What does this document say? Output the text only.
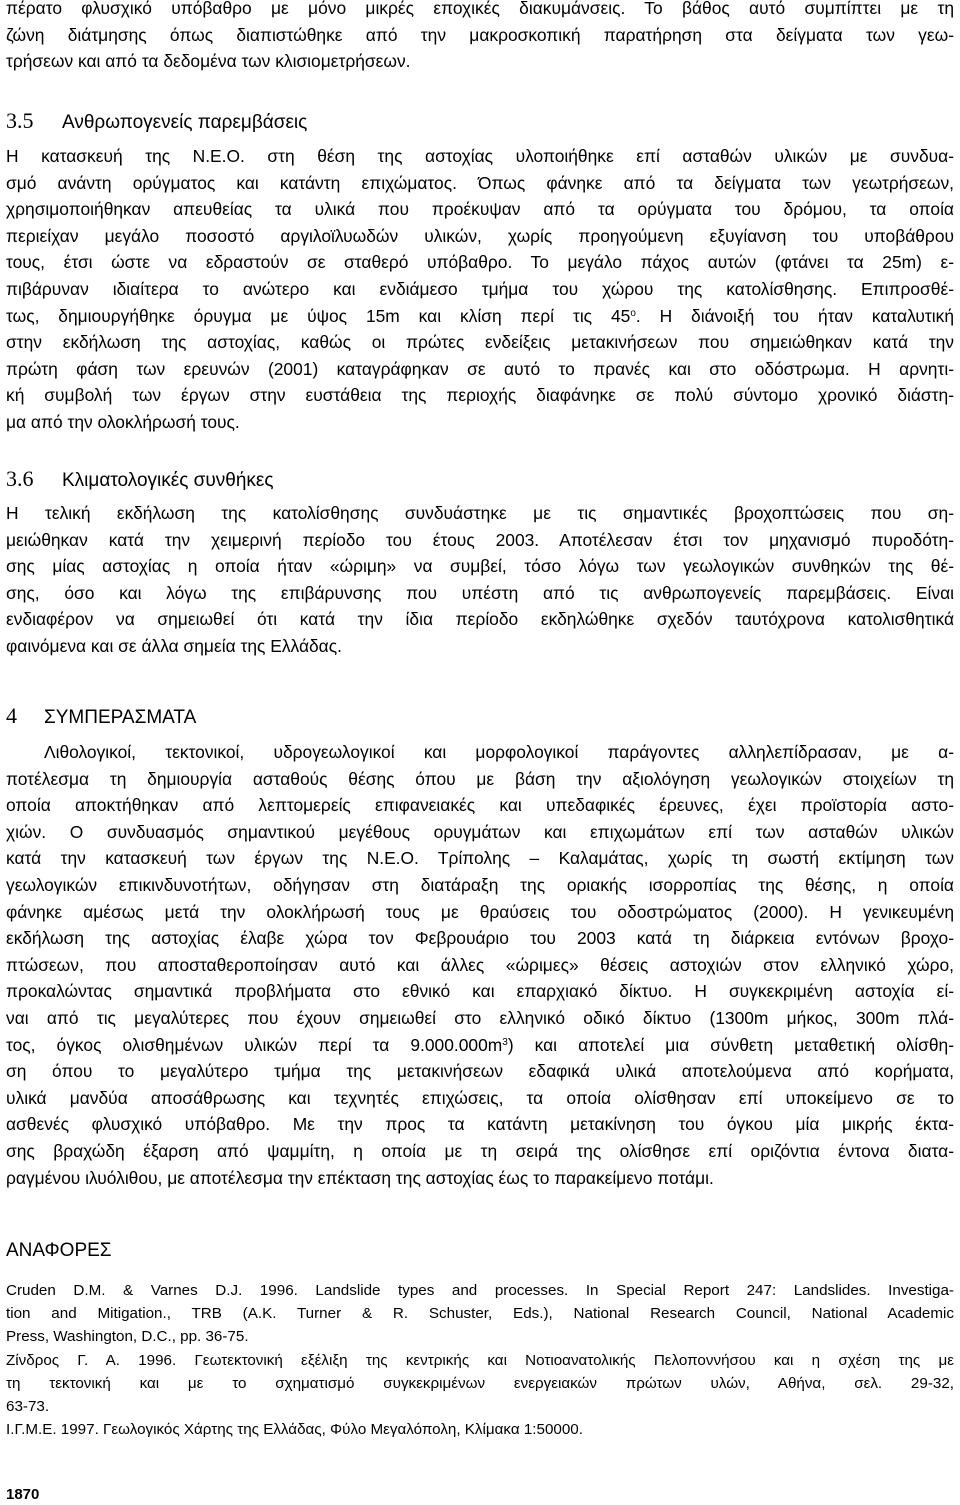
πέρατο φλυσχικό υπόβαθρο με μόνο μικρές εποχικές διακυμάνσεις. Το βάθος αυτό συμπίπτει με τη
ζώνη διάτμησης όπως διαπιστώθηκε από την μακροσκοπική παρατήρηση στα δείγματα των γεω-
τρήσεων και από τα δεδομένα των κλισιομετρήσεων.
3.5 Ανθρωπογενείς παρεμβάσεις
Η κατασκευή της Ν.Ε.Ο. στη θέση της αστοχίας υλοποιήθηκε επί ασταθών υλικών με συνδυα-
σμό ανάντη ορύγματος και κατάντη επιχώματος. Όπως φάνηκε από τα δείγματα των γεωτρήσεων,
χρησιμοποιήθηκαν απευθείας τα υλικά που προέκυψαν από τα ορύγματα του δρόμου, τα οποία
περιείχαν μεγάλο ποσοστό αργιλοϊλυωδών υλικών, χωρίς προηγούμενη εξυγίανση του υποβάθρου
τους, έτσι ώστε να εδραστούν σε σταθερό υπόβαθρο. Το μεγάλο πάχος αυτών (φτάνει τα 25m) ε-
πιβάρυναν ιδιαίτερα το ανώτερο και ενδιάμεσο τμήμα του χώρου της κατολίσθησης. Επιπροσθέ-
τως, δημιουργήθηκε όρυγμα με ύψος 15m και κλίση περί τις $45^o$. Η διάνοιξή του ήταν καταλυτική
στην εκδήλωση της αστοχίας, καθώς οι πρώτες ενδείξεις μετακινήσεων που σημειώθηκαν κατά την
πρώτη φάση των ερευνών (2001) καταγράφηκαν σε αυτό το πρανές και στο οδόστρωμα. Η αρνητι-
κή συμβολή των έργων στην ευστάθεια της περιοχής διαφάνηκε σε πολύ σύντομο χρονικό διάστη-
μα από την ολοκλήρωσή τους.
3.6 Κλιματολογικές συνθήκες
Η τελική εκδήλωση της κατολίσθησης συνδυάστηκε με τις σημαντικές βροχοπτώσεις που ση-
μειώθηκαν κατά την χειμερινή περίοδο του έτους 2003. Αποτέλεσαν έτσι τον μηχανισμό πυροδότη-
σης μίας αστοχίας η οποία ήταν «ώριμη» να συμβεί, τόσο λόγω των γεωλογικών συνθηκών της θέ-
σης, όσο και λόγω της επιβάρυνσης που υπέστη από τις ανθρωπογενείς παρεμβάσεις. Είναι
ενδιαφέρον να σημειωθεί ότι κατά την ίδια περίοδο εκδηλώθηκε σχεδόν ταυτόχρονα κατολισθητικά
φαινόμενα και σε άλλα σημεία της Ελλάδας.
4 ΣΥΜΠΕΡΑΣΜΑΤΑ
Λιθολογικοί, τεκτονικοί, υδρογεωλογικοί και μορφολογικοί παράγοντες αλληλεπίδρασαν, με α-
ποτέλεσμα τη δημιουργία ασταθούς θέσης όπου με βάση την αξιολόγηση γεωλογικών στοιχείων τη
οποία αποκτήθηκαν από λεπτομερείς επιφανειακές και υπεδαφικές έρευνες, έχει προϊστορία αστο-
χιών. Ο συνδυασμός σημαντικού μεγέθους ορυγμάτων και επιχωμάτων επί των ασταθών υλικών
κατά την κατασκευή των έργων της Ν.Ε.Ο. Τρίπολης – Καλαμάτας, χωρίς τη σωστή εκτίμηση των
γεωλογικών επικινδυνοτήτων, οδήγησαν στη διατάραξη της οριακής ισορροπίας της θέσης, η οποία
φάνηκε αμέσως μετά την ολοκλήρωσή τους με θραύσεις του οδοστρώματος (2000). Η γενικευμένη
εκδήλωση της αστοχίας έλαβε χώρα τον Φεβρουάριο του 2003 κατά τη διάρκεια εντόνων βροχο-
πτώσεων, που αποσταθεροποίησαν αυτό και άλλες «ώριμες» θέσεις αστοχιών στον ελληνικό χώρο,
προκαλώντας σημαντικά προβλήματα στο εθνικό και επαρχιακό δίκτυο. Η συγκεκριμένη αστοχία εί-
ναι από τις μεγαλύτερες που έχουν σημειωθεί στο ελληνικό οδικό δίκτυο (1300m μήκος, 300m πλά-
τος, όγκος ολισθημένων υλικών περί τα $9.000.000m^3$) και αποτελεί μια σύνθετη μεταθετική ολίσθη-
ση όπου το μεγαλύτερο τμήμα της μετακινήσεων εδαφικά υλικά αποτελούμενα από κορήματα,
υλικά μανδύα αποσάθρωσης και τεχνητές επιχώσεις, τα οποία ολίσθησαν επί υποκείμενο σε το
ασθενές φλυσχικό υπόβαθρο. Με την προς τα κατάντη μετακίνηση του όγκου μία μικρής έκτα-
σης βραχώδη έξαρση από ψαμμίτη, η οποία με τη σειρά της ολίσθησε επί οριζόντια έντονα διατα-
ραγμένου ιλυόλιθου, με αποτέλεσμα την επέκταση της αστοχίας έως το παρακείμενο ποτάμι.
ΑΝΑΦΟΡΕΣ
Cruden D.M. & Varnes D.J. 1996. Landslide types and processes. In Special Report 247: Landslides. Investiga-
tion and Mitigation., TRB (A.K. Turner & R. Schuster, Eds.), National Research Council, National Academic
Press, Washington, D.C., pp. 36-75.
Ζίνδρος Γ. Α. 1996. Γεωτεκτονική εξέλιξη της κεντρικής και Νοτιοανατολικής Πελοποννήσου και η σχέση της με
τη τεκτονική και με το σχηματισμό συγκεκριμένων ενεργειακών πρώτων υλών, Αθήνα, σελ. 29-32,
63-73.
Ι.Γ.Μ.Ε. 1997. Γεωλογικός Χάρτης της Ελλάδας, Φύλο Μεγαλόπολη, Κλίμακα 1:50000.
1870
